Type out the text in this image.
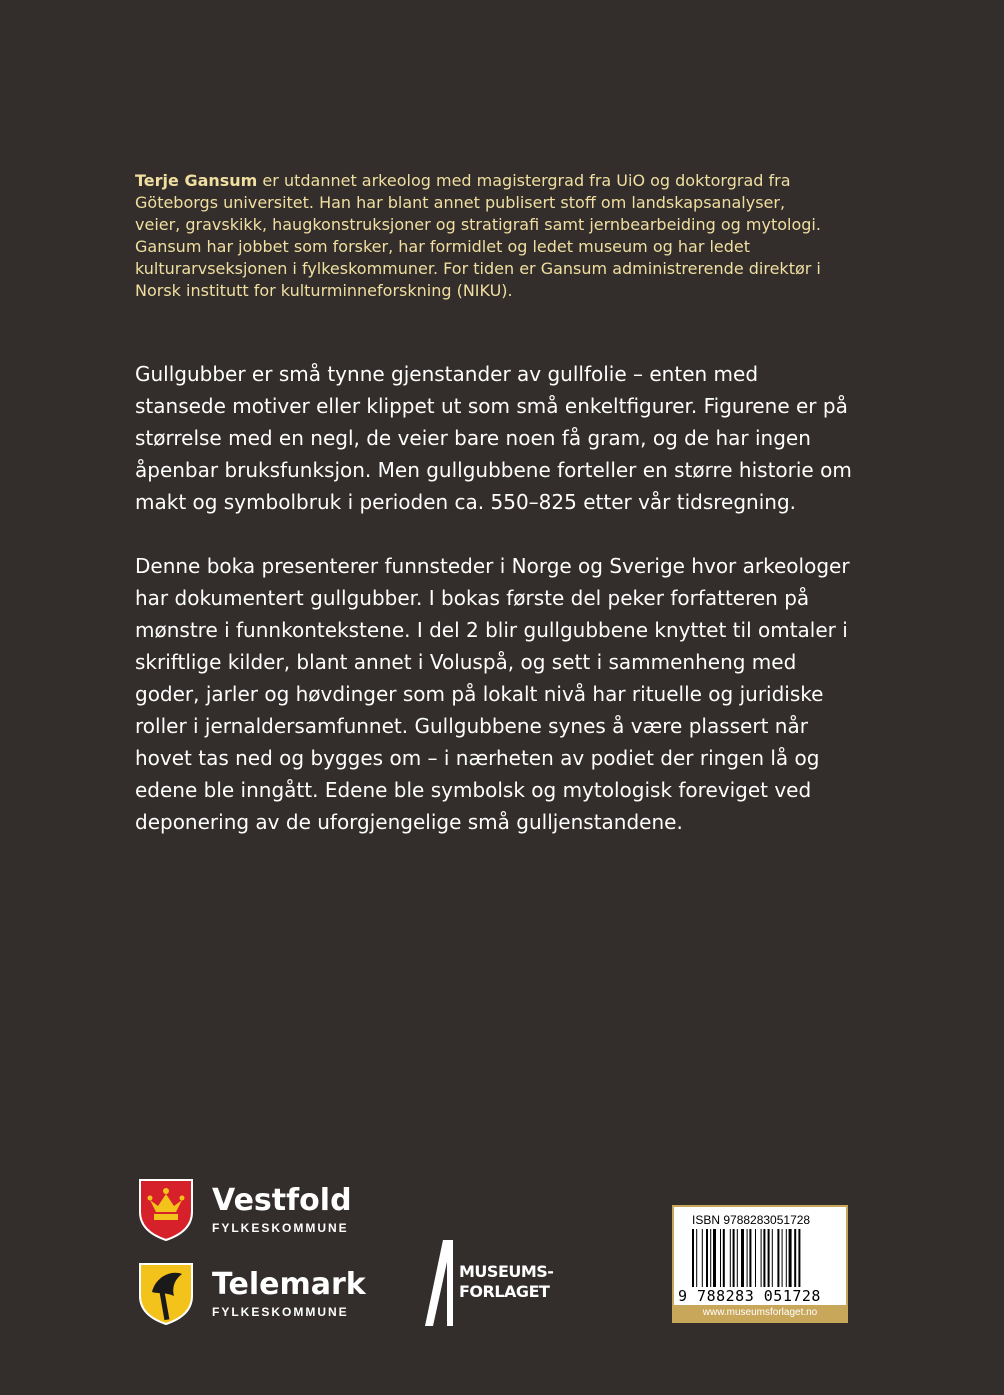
Terje Gansum er utdannet arkeolog med magistergrad fra UiO og doktorgrad fra Göteborgs universitet. Han har blant annet publisert stoff om landskapsanalyser, veier, gravskikk, haugkonstruksjoner og stratigrafi samt jernbearbeiding og mytologi. Gansum har jobbet som forsker, har formidlet og ledet museum og har ledet kulturarvseksjonen i fylkeskommuner. For tiden er Gansum administrerende direktør i Norsk institutt for kulturminneforskning (NIKU).
Gullgubber er små tynne gjenstander av gullfolie – enten med stansede motiver eller klippet ut som små enkeltfigurer. Figurene er på størrelse med en negl, de veier bare noen få gram, og de har ingen åpenbar bruksfunksjon. Men gullgubbene forteller en større historie om makt og symbolbruk i perioden ca. 550–825 etter vår tidsregning.
Denne boka presenterer funnsteder i Norge og Sverige hvor arkeologer har dokumentert gullgubber. I bokas første del peker forfatteren på mønstre i funnkontekstene. I del 2 blir gullgubbene knyttet til omtaler i skriftlige kilder, blant annet i Voluspå, og sett i sammenheng med goder, jarler og høvdinger som på lokalt nivå har rituelle og juridiske roller i jernaldersamfunnet. Gullgubbene synes å være plassert når hovet tas ned og bygges om – i nærheten av podiet der ringen lå og edene ble inngått. Edene ble symbolsk og mytologisk foreviget ved deponering av de uforgjengelige små gulljenstandene.
Vestfold
FYLKESKOMMUNE
Telemark
FYLKESKOMMUNE
MUSEUMS-
FORLAGET
ISBN 9788283051728
9 788283 051728
www.museumsforlaget.no
